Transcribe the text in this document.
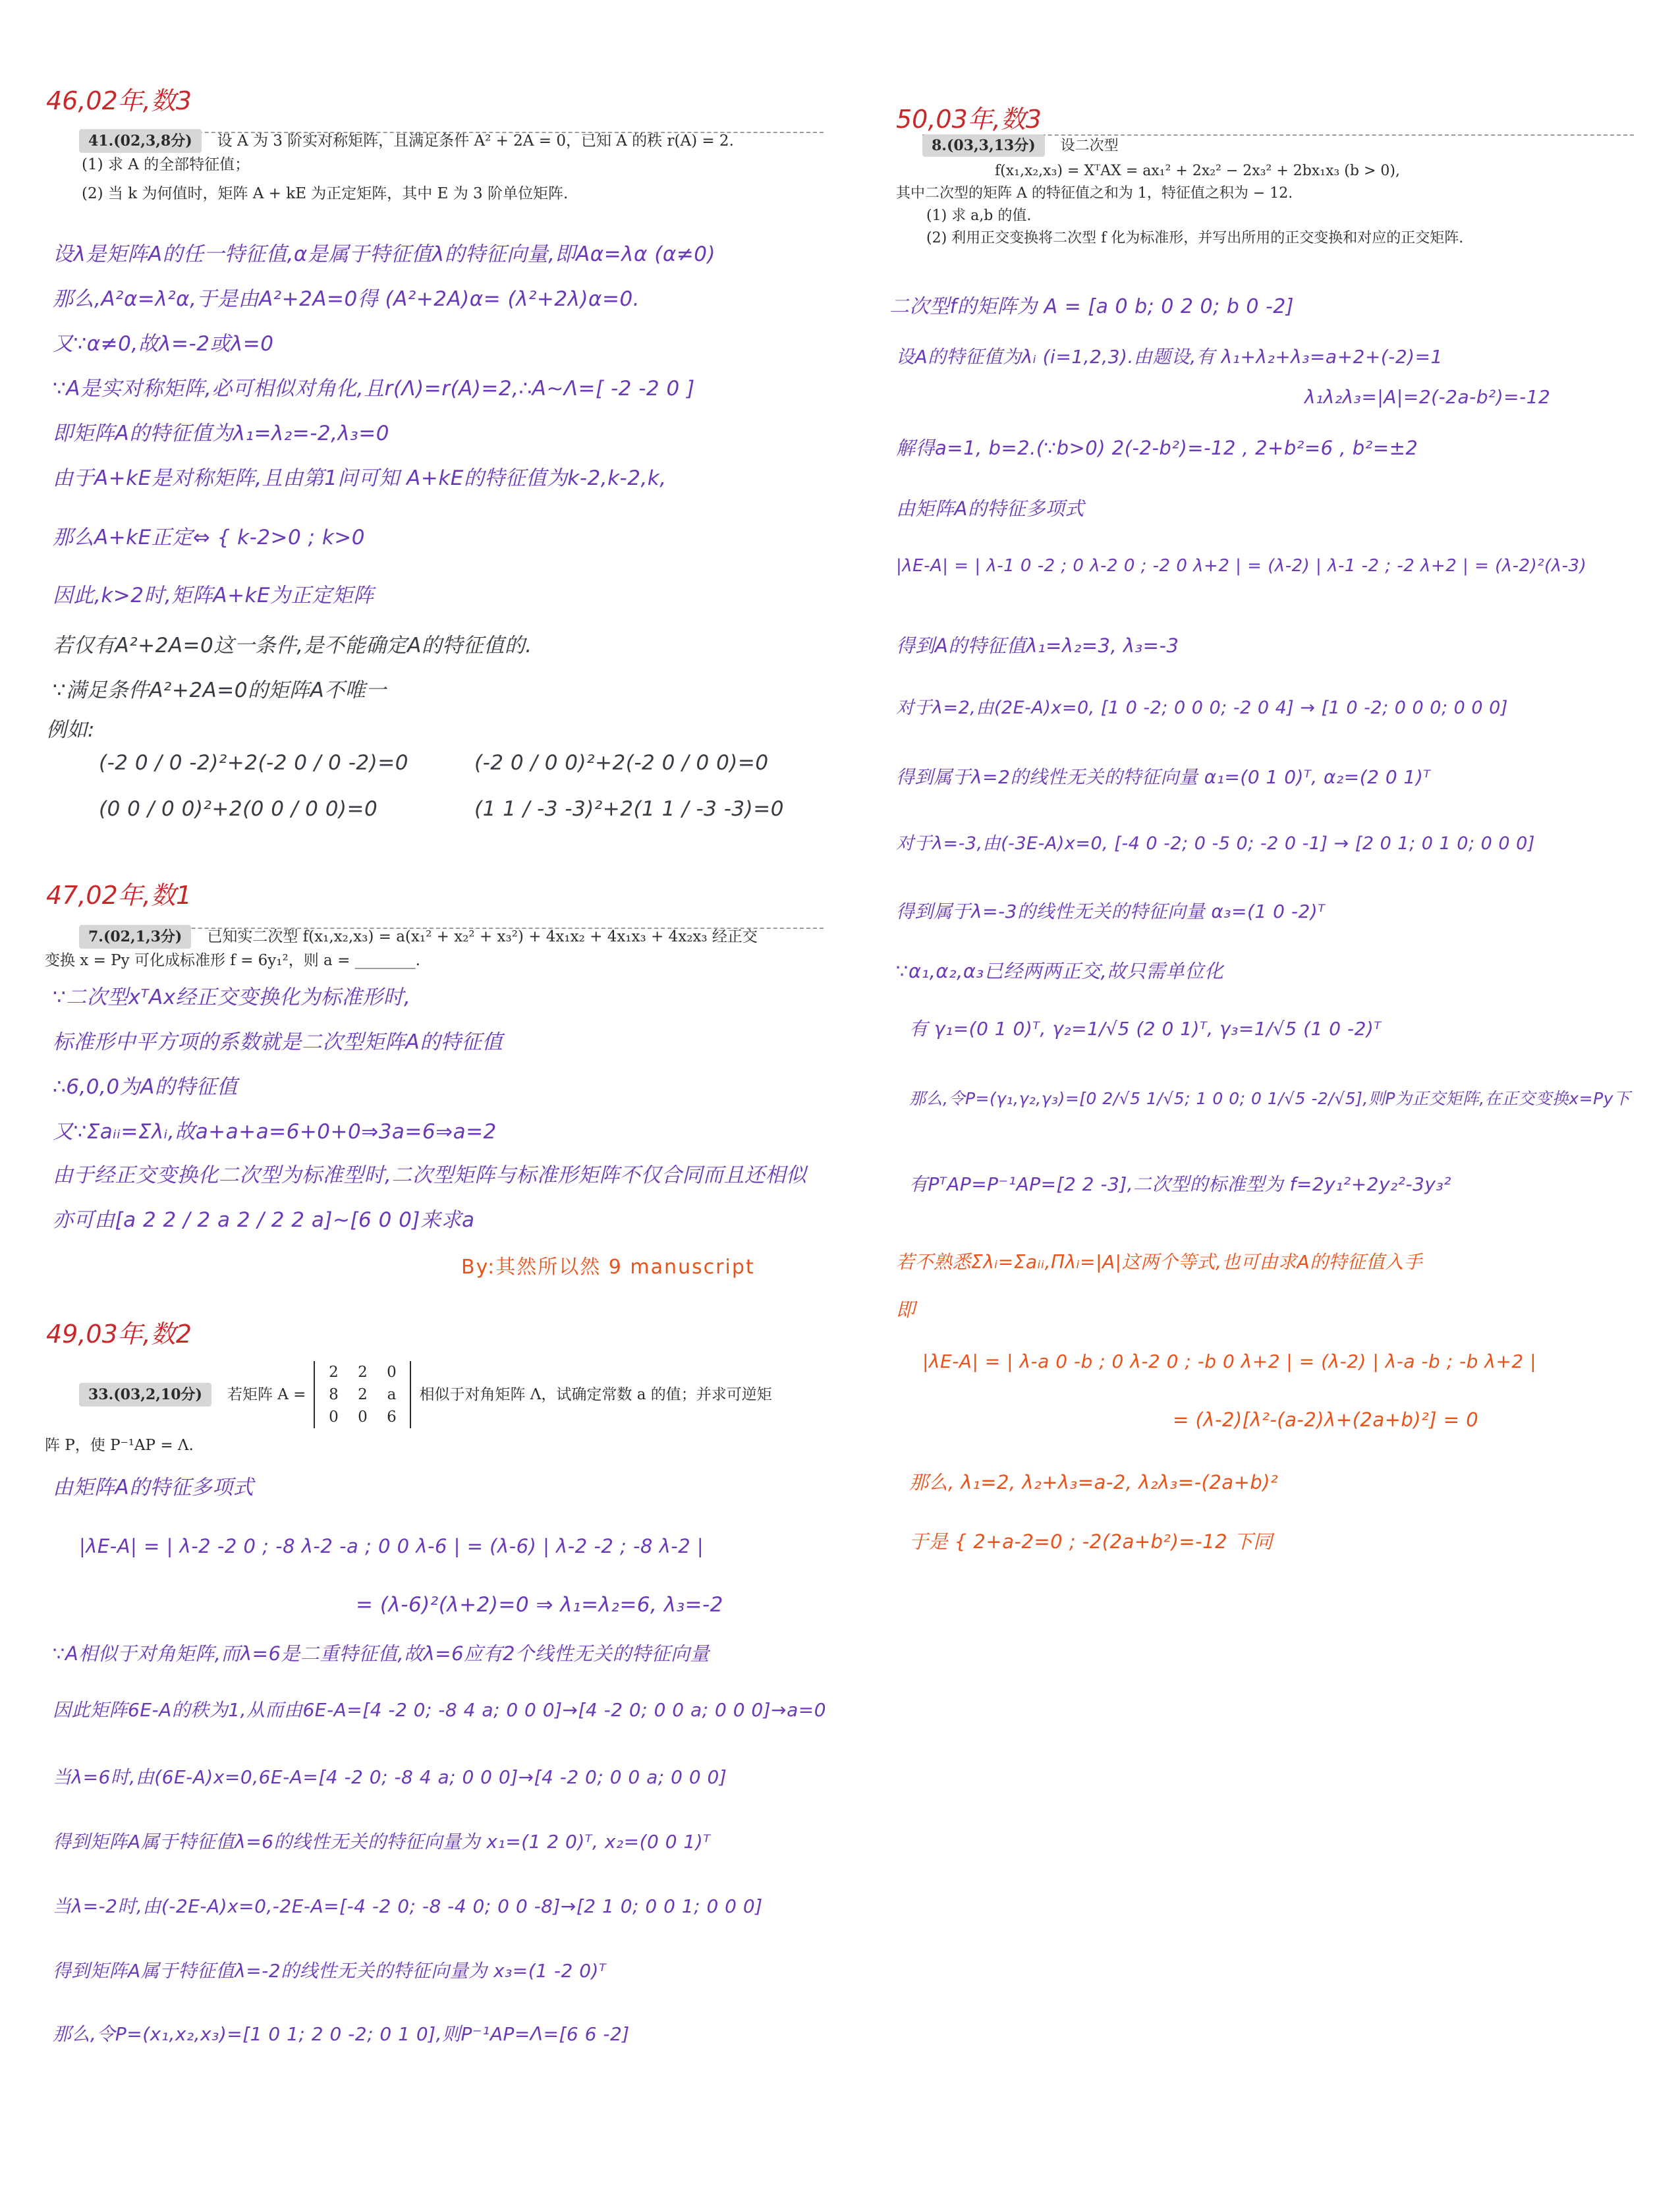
46,02年,数3
41.(02,3,8分) 设 A 为 3 阶实对称矩阵，且满足条件 A² + 2A = 0，已知 A 的秩 r(A) = 2.
(1) 求 A 的全部特征值；
(2) 当 k 为何值时，矩阵 A + kE 为正定矩阵，其中 E 为 3 阶单位矩阵.
设λ是矩阵A的任一特征值,α是属于特征值λ的特征向量,即Aα=λα (α≠0)
那么,A²α=λ²α,于是由A²+2A=0得 (A²+2A)α= (λ²+2λ)α=0.
又∵α≠0,故λ=-2或λ=0
∵A是实对称矩阵,必可相似对角化,且r(Λ)=r(A)=2,∴A~Λ=[ -2 -2 0 ]
即矩阵A的特征值为λ₁=λ₂=-2,λ₃=0
由于A+kE是对称矩阵,且由第1问可知 A+kE的特征值为k-2,k-2,k,
那么A+kE正定⇔ { k-2>0 ; k>0
因此,k>2时,矩阵A+kE为正定矩阵
若仅有A²+2A=0这一条件,是不能确定A的特征值的.
∵满足条件A²+2A=0的矩阵A不唯一
例如:
(-2 0 / 0 -2)²+2(-2 0 / 0 -2)=0	(-2 0 / 0 0)²+2(-2 0 / 0 0)=0
(0 0 / 0 0)²+2(0 0 / 0 0)=0	(1 1 / -3 -3)²+2(1 1 / -3 -3)=0
47,02年,数1
7.(02,1,3分) 已知实二次型 f(x₁,x₂,x₃) = a(x₁² + x₂² + x₃²) + 4x₁x₂ + 4x₁x₃ + 4x₂x₃ 经正交
变换 x = Py 可化成标准形 f = 6y₁²，则 a = ________.
∵二次型xᵀAx经正交变换化为标准形时,
标准形中平方项的系数就是二次型矩阵A的特征值
∴6,0,0为A的特征值
又∵Σaᵢᵢ=Σλᵢ,故a+a+a=6+0+0⇒3a=6⇒a=2
由于经正交变换化二次型为标准型时,二次型矩阵与标准形矩阵不仅合同而且还相似
亦可由[a 2 2 / 2 a 2 / 2 2 a]~[6 0 0]来求a
By:其然所以然 9 manuscript
49,03年,数2
33.(03,2,10分)	若矩阵 A =
2	2	0
8	2	a
0	0	6
相似于对角矩阵 Λ，试确定常数 a 的值；并求可逆矩
阵 P，使 P⁻¹AP = Λ.
由矩阵A的特征多项式
|λE-A| = | λ-2 -2 0 ; -8 λ-2 -a ; 0 0 λ-6 | = (λ-6) | λ-2 -2 ; -8 λ-2 |
= (λ-6)²(λ+2)=0 ⇒ λ₁=λ₂=6, λ₃=-2
∵A相似于对角矩阵,而λ=6是二重特征值,故λ=6应有2个线性无关的特征向量
因此矩阵6E-A的秩为1,从而由6E-A=[4 -2 0; -8 4 a; 0 0 0]→[4 -2 0; 0 0 a; 0 0 0]→a=0
当λ=6时,由(6E-A)x=0,6E-A=[4 -2 0; -8 4 a; 0 0 0]→[4 -2 0; 0 0 a; 0 0 0]
得到矩阵A属于特征值λ=6的线性无关的特征向量为 x₁=(1 2 0)ᵀ, x₂=(0 0 1)ᵀ
当λ=-2时,由(-2E-A)x=0,-2E-A=[-4 -2 0; -8 -4 0; 0 0 -8]→[2 1 0; 0 0 1; 0 0 0]
得到矩阵A属于特征值λ=-2的线性无关的特征向量为 x₃=(1 -2 0)ᵀ
那么,令P=(x₁,x₂,x₃)=[1 0 1; 2 0 -2; 0 1 0],则P⁻¹AP=Λ=[6 6 -2]
50,03年,数3
8.(03,3,13分) 设二次型
f(x₁,x₂,x₃) = XᵀAX = ax₁² + 2x₂² − 2x₃² + 2bx₁x₃ (b > 0),
其中二次型的矩阵 A 的特征值之和为 1，特征值之积为 − 12.
(1) 求 a,b 的值.
(2) 利用正交变换将二次型 f 化为标准形，并写出所用的正交变换和对应的正交矩阵.
二次型f的矩阵为 A = [a 0 b; 0 2 0; b 0 -2]
设A的特征值为λᵢ (i=1,2,3).由题设,有 λ₁+λ₂+λ₃=a+2+(-2)=1
λ₁λ₂λ₃=|A|=2(-2a-b²)=-12
解得a=1, b=2.(∵b>0) 2(-2-b²)=-12 , 2+b²=6 , b²=±2
由矩阵A的特征多项式
|λE-A| = | λ-1 0 -2 ; 0 λ-2 0 ; -2 0 λ+2 | = (λ-2) | λ-1 -2 ; -2 λ+2 | = (λ-2)²(λ-3)
得到A的特征值λ₁=λ₂=3, λ₃=-3
对于λ=2,由(2E-A)x=0, [1 0 -2; 0 0 0; -2 0 4] → [1 0 -2; 0 0 0; 0 0 0]
得到属于λ=2的线性无关的特征向量 α₁=(0 1 0)ᵀ, α₂=(2 0 1)ᵀ
对于λ=-3,由(-3E-A)x=0, [-4 0 -2; 0 -5 0; -2 0 -1] → [2 0 1; 0 1 0; 0 0 0]
得到属于λ=-3的线性无关的特征向量 α₃=(1 0 -2)ᵀ
∵α₁,α₂,α₃已经两两正交,故只需单位化
有 γ₁=(0 1 0)ᵀ, γ₂=1/√5 (2 0 1)ᵀ, γ₃=1/√5 (1 0 -2)ᵀ
那么,令P=(γ₁,γ₂,γ₃)=[0 2/√5 1/√5; 1 0 0; 0 1/√5 -2/√5],则P为正交矩阵,在正交变换x=Py下
有PᵀAP=P⁻¹AP=[2 2 -3],二次型的标准型为 f=2y₁²+2y₂²-3y₃²
若不熟悉Σλᵢ=Σaᵢᵢ,Πλᵢ=|A|这两个等式,也可由求A的特征值入手
即
|λE-A| = | λ-a 0 -b ; 0 λ-2 0 ; -b 0 λ+2 | = (λ-2) | λ-a -b ; -b λ+2 |
= (λ-2)[λ²-(a-2)λ+(2a+b)²] = 0
那么, λ₁=2, λ₂+λ₃=a-2, λ₂λ₃=-(2a+b)²
于是 { 2+a-2=0 ; -2(2a+b²)=-12 下同
